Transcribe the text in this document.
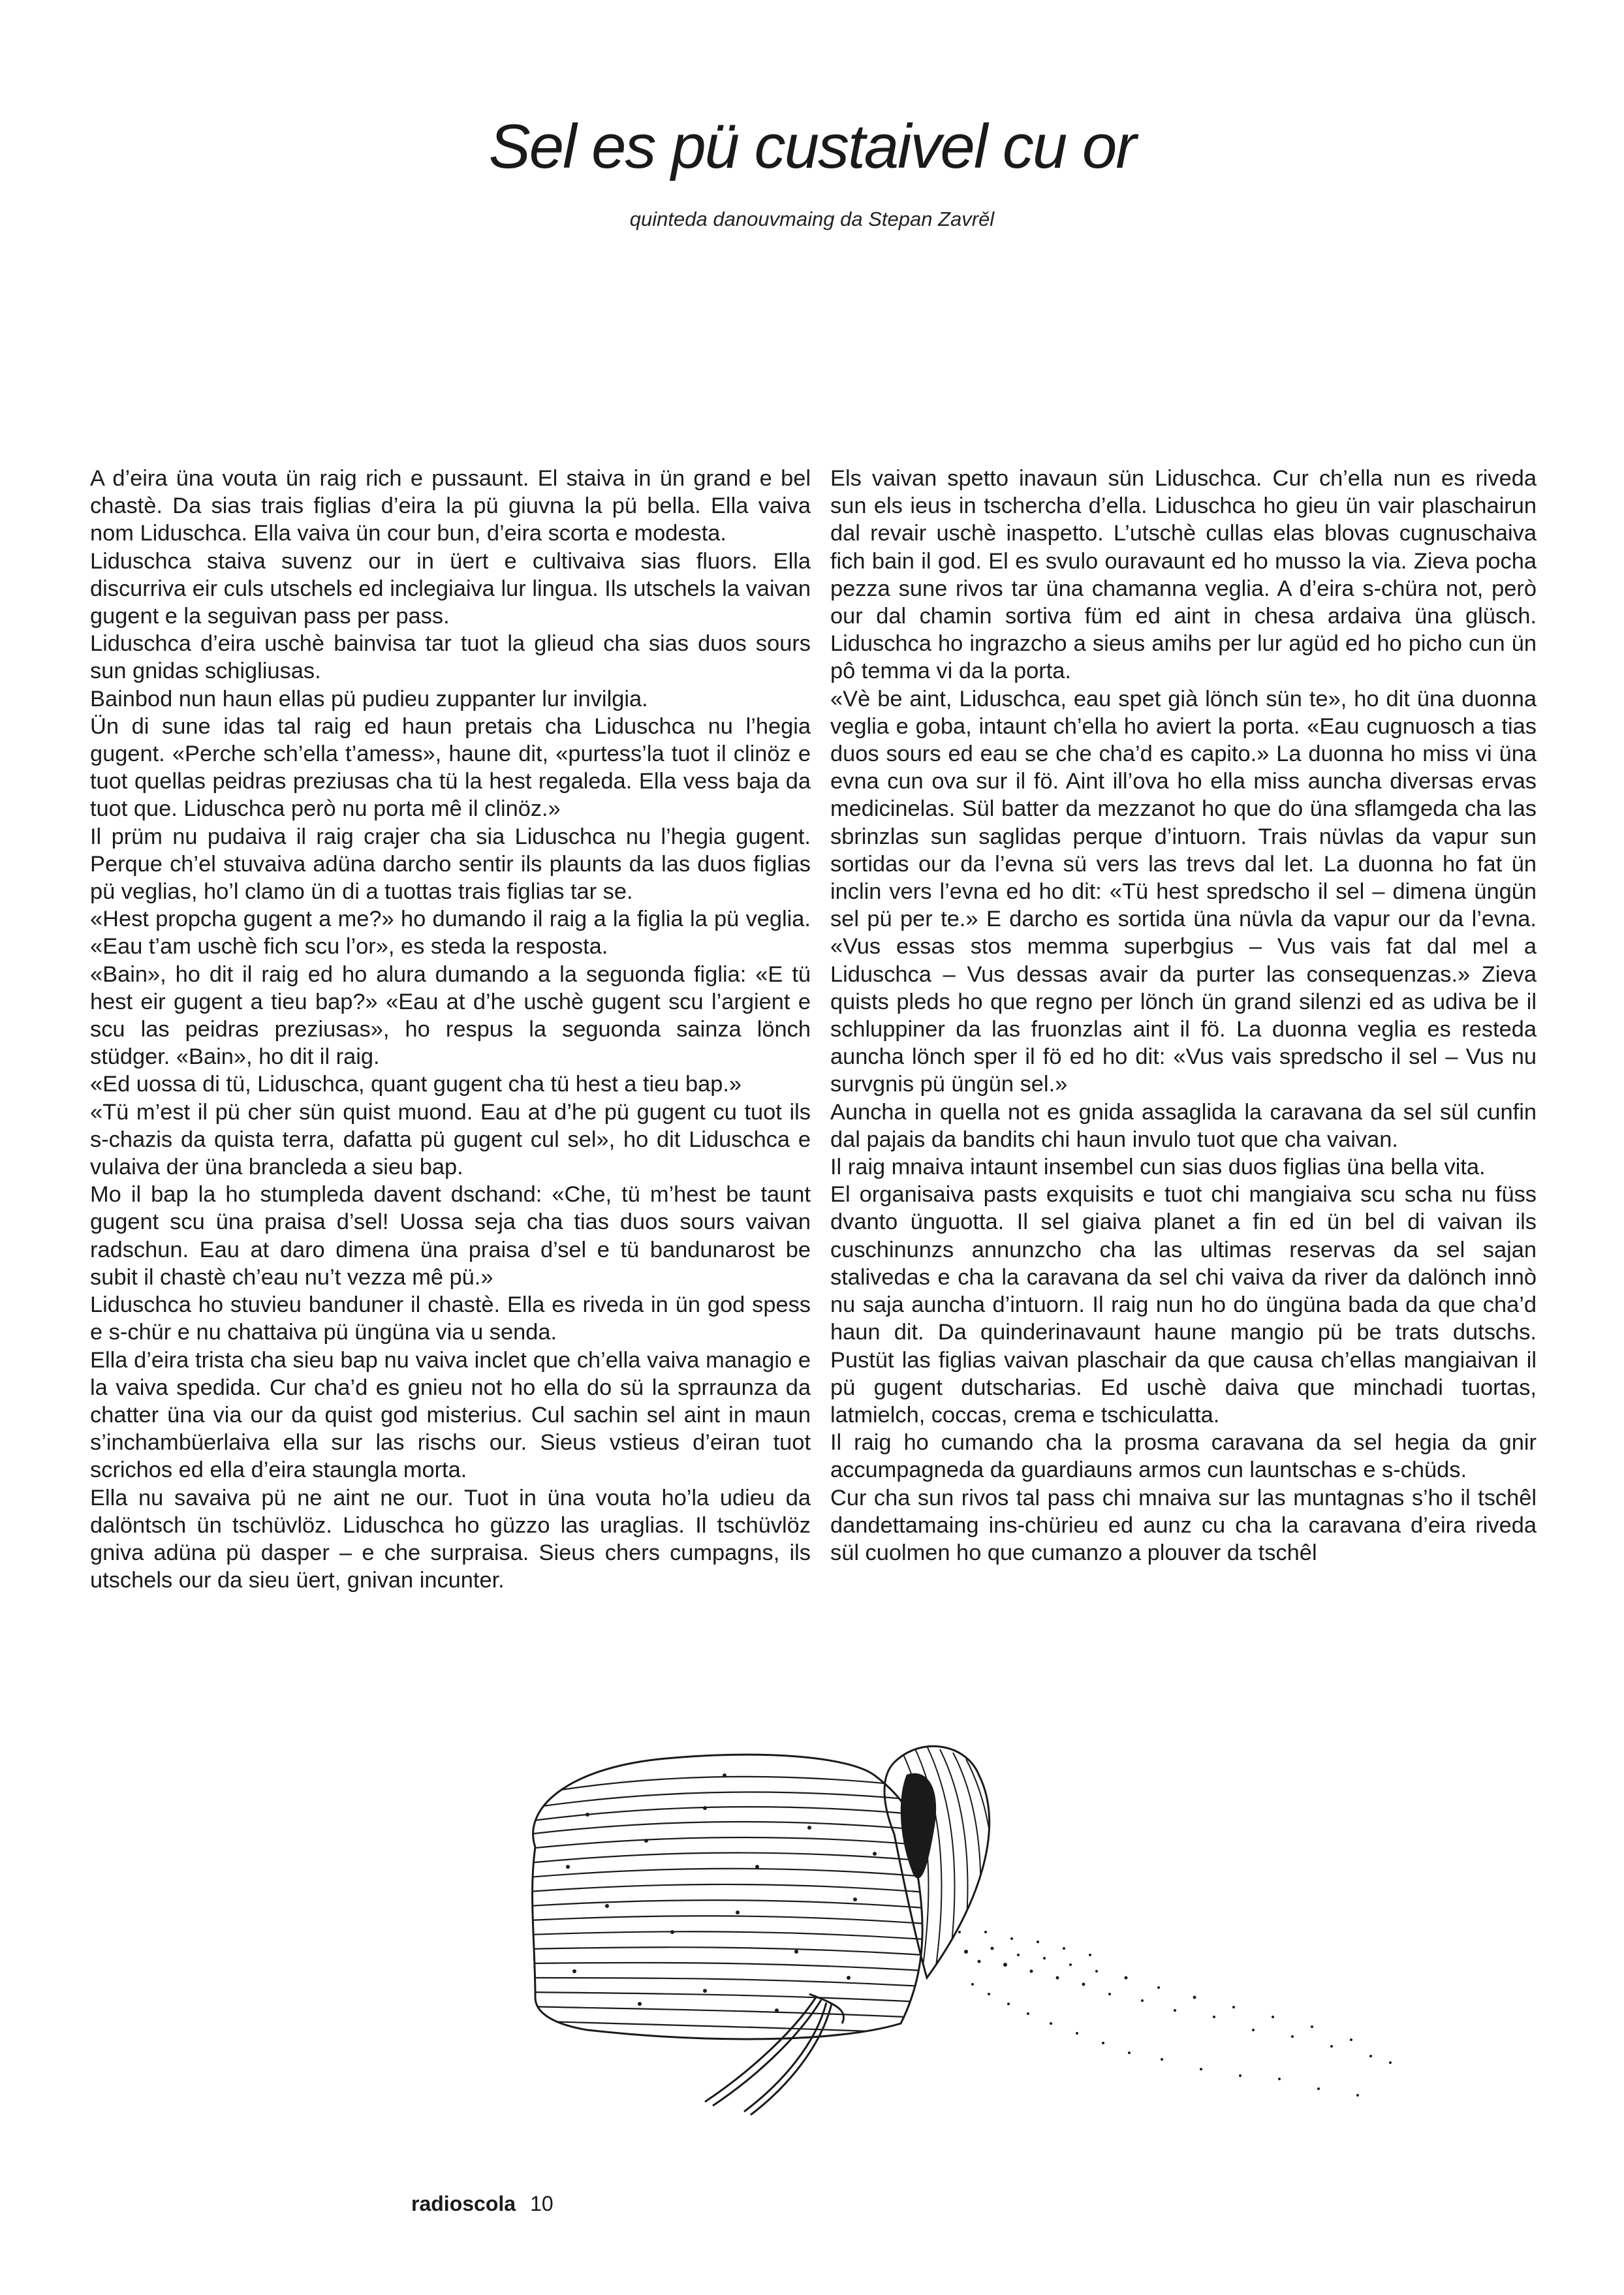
Sel es pü custaivel cu or

quinteda danouvmaing da Stepan Zavrěl

A d’eira üna vouta ün raig rich e pussaunt. El staiva in ün grand e bel chastè. Da sias trais figlias d’eira la pü giuvna la pü bella. Ella vaiva nom Liduschca. Ella vaiva ün cour bun, d’eira scorta e modesta.

Liduschca staiva suvenz our in üert e cultivaiva sias fluors. Ella discurriva eir culs utschels ed inclegiaiva lur lingua. Ils utschels la vaivan gugent e la seguivan pass per pass.

Liduschca d’eira uschè bainvisa tar tuot la glieud cha sias duos sours sun gnidas schigliusas.

Bainbod nun haun ellas pü pudieu zuppanter lur invilgia.

Ün di sune idas tal raig ed haun pretais cha Liduschca nu l’hegia gugent. «Perche sch’ella t’amess», haune dit, «purtess’la tuot il clinöz e tuot quellas peidras preziusas cha tü la hest regaleda. Ella vess baja da tuot que. Liduschca però nu porta mê il clinöz.»

Il prüm nu pudaiva il raig crajer cha sia Liduschca nu l’hegia gugent. Perque ch’el stuvaiva adüna darcho sentir ils plaunts da las duos figlias pü veglias, ho’l clamo ün di a tuottas trais figlias tar se.

«Hest propcha gugent a me?» ho dumando il raig a la figlia la pü veglia. «Eau t’am uschè fich scu l’or», es steda la resposta.

«Bain», ho dit il raig ed ho alura dumando a la seguonda figlia: «E tü hest eir gugent a tieu bap?» «Eau at d’he uschè gugent scu l’argient e scu las peidras preziusas», ho respus la seguonda sainza lönch stüdger. «Bain», ho dit il raig.

«Ed uossa di tü, Liduschca, quant gugent cha tü hest a tieu bap.»

«Tü m’est il pü cher sün quist muond. Eau at d’he pü gugent cu tuot ils s-chazis da quista terra, dafatta pü gugent cul sel», ho dit Liduschca e vulaiva der üna brancleda a sieu bap.

Mo il bap la ho stumpleda davent dschand: «Che, tü m’hest be taunt gugent scu üna praisa d’sel! Uossa seja cha tias duos sours vaivan radschun. Eau at daro dimena üna praisa d’sel e tü bandunarost be subit il chastè ch’eau nu’t vezza mê pü.»

Liduschca ho stuvieu banduner il chastè. Ella es riveda in ün god spess e s-chür e nu chattaiva pü üngüna via u senda.

Ella d’eira trista cha sieu bap nu vaiva inclet que ch’ella vaiva managio e la vaiva spedida. Cur cha’d es gnieu not ho ella do sü la sprraunza da chatter üna via our da quist god misterius. Cul sachin sel aint in maun s’inchambüerlaiva ella sur las rischs our. Sieus vstieus d’eiran tuot scrichos ed ella d’eira staungla morta.

Ella nu savaiva pü ne aint ne our. Tuot in üna vouta ho’la udieu da dalöntsch ün tschüvlöz. Liduschca ho güzzo las uraglias. Il tschüvlöz gniva adüna pü dasper – e che surpraisa. Sieus chers cumpagns, ils utschels our da sieu üert, gnivan incunter.

Els vaivan spetto inavaun sün Liduschca. Cur ch’ella nun es riveda sun els ieus in tschercha d’ella. Liduschca ho gieu ün vair plaschairun dal revair uschè inaspetto. L’utschè cullas elas blovas cugnuschaiva fich bain il god. El es svulo ouravaunt ed ho musso la via. Zieva pocha pezza sune rivos tar üna chamanna veglia. A d’eira s-chüra not, però our dal chamin sortiva füm ed aint in chesa ardaiva üna glüsch. Liduschca ho ingrazcho a sieus amihs per lur agüd ed ho picho cun ün pô temma vi da la porta.

«Vè be aint, Liduschca, eau spet già lönch sün te», ho dit üna duonna veglia e goba, intaunt ch’ella ho aviert la porta. «Eau cugnuosch a tias duos sours ed eau se che cha’d es capito.» La duonna ho miss vi üna evna cun ova sur il fö. Aint ill’ova ho ella miss auncha diversas ervas medicinelas. Sül batter da mezzanot ho que do üna sflamgeda cha las sbrinzlas sun saglidas perque d’intuorn. Trais nüvlas da vapur sun sortidas our da l’evna sü vers las trevs dal let. La duonna ho fat ün inclin vers l’evna ed ho dit: «Tü hest spredscho il sel – dimena üngün sel pü per te.» E darcho es sortida üna nüvla da vapur our da l’evna. «Vus essas stos memma superbgius – Vus vais fat dal mel a Liduschca – Vus dessas avair da purter las consequenzas.» Zieva quists pleds ho que regno per lönch ün grand silenzi ed as udiva be il schluppiner da las fruonzlas aint il fö. La duonna veglia es resteda auncha lönch sper il fö ed ho dit: «Vus vais spredscho il sel – Vus nu survgnis pü üngün sel.»

Auncha in quella not es gnida assaglida la caravana da sel sül cunfin dal pajais da bandits chi haun invulo tuot que cha vaivan.

Il raig mnaiva intaunt insembel cun sias duos figlias üna bella vita.

El organisaiva pasts exquisits e tuot chi mangiaiva scu scha nu füss dvanto ünguotta. Il sel giaiva planet a fin ed ün bel di vaivan ils cuschinunzs annunzcho cha las ultimas reservas da sel sajan stalivedas e cha la caravana da sel chi vaiva da river da dalönch innò nu saja auncha d’intuorn. Il raig nun ho do üngüna bada da que cha’d haun dit. Da quinderinavaunt haune mangio pü be trats dutschs. Pustüt las figlias vaivan plaschair da que causa ch’ellas mangiaivan il pü gugent dutscharias. Ed uschè daiva que minchadi tuortas, latmielch, coccas, crema e tschiculatta.

Il raig ho cumando cha la prosma caravana da sel hegia da gnir accumpagneda da guardiauns armos cun launtschas e s-chüds.

Cur cha sun rivos tal pass chi mnaiva sur las muntagnas s’ho il tschêl dandettamaing ins-chürieu ed aunz cu cha la caravana d’eira riveda sül cuolmen ho que cumanzo a plouver da tschêl

radioscola 10
